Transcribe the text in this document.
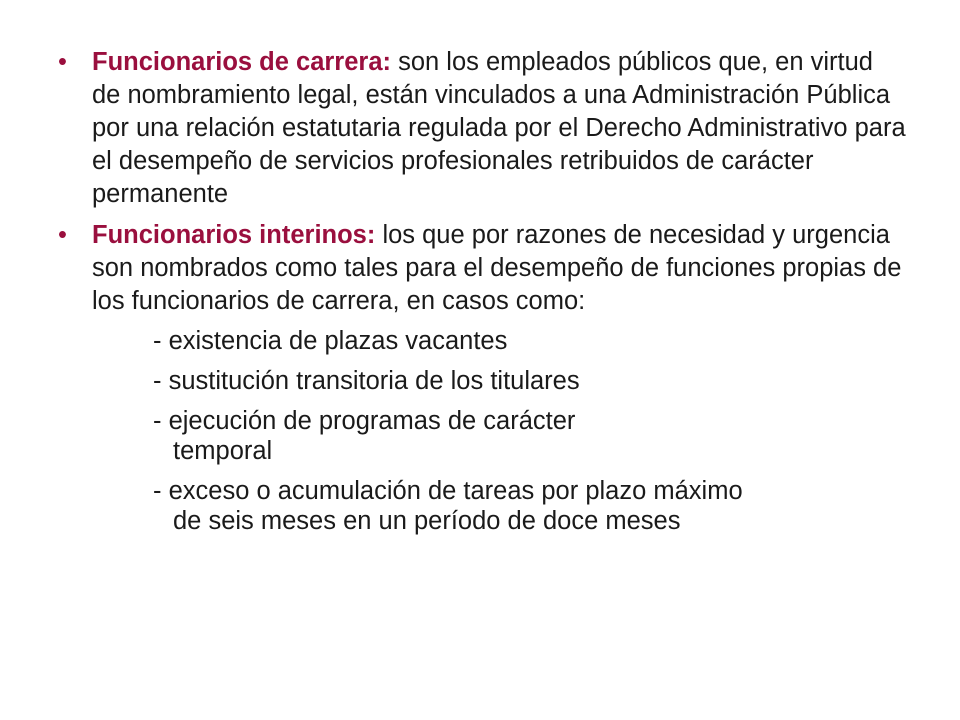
• Funcionarios de carrera: son los empleados públicos que, en virtud de nombramiento legal, están vinculados a una Administración Pública por una relación estatutaria regulada por el Derecho Administrativo para el desempeño de servicios profesionales retribuidos de carácter permanente
• Funcionarios interinos: los que por razones de necesidad y urgencia son nombrados como tales para el desempeño de funciones propias de los funcionarios de carrera, en casos como:
- existencia de plazas vacantes
- sustitución transitoria de los titulares
- ejecución de programas de carácter
temporal
- exceso o acumulación de tareas por plazo máximo
de seis meses en un período de doce meses
